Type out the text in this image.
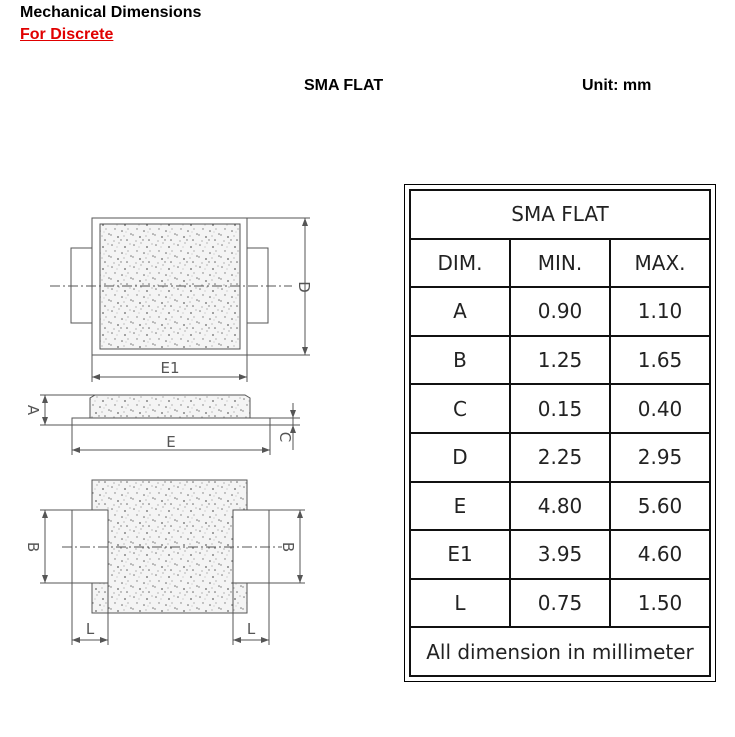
Mechanical Dimensions
For Discrete
SMA FLAT	Unit: mm
D
E1
A
E	C
B	B
L	L
SMA FLAT		
DIM.	MIN.	MAX.
A	0.90	1.10
B	1.25	1.65
C	0.15	0.40
D	2.25	2.95
E	4.80	5.60
E1	3.95	4.60
L	0.75	1.50
All dimension in millimeter		
